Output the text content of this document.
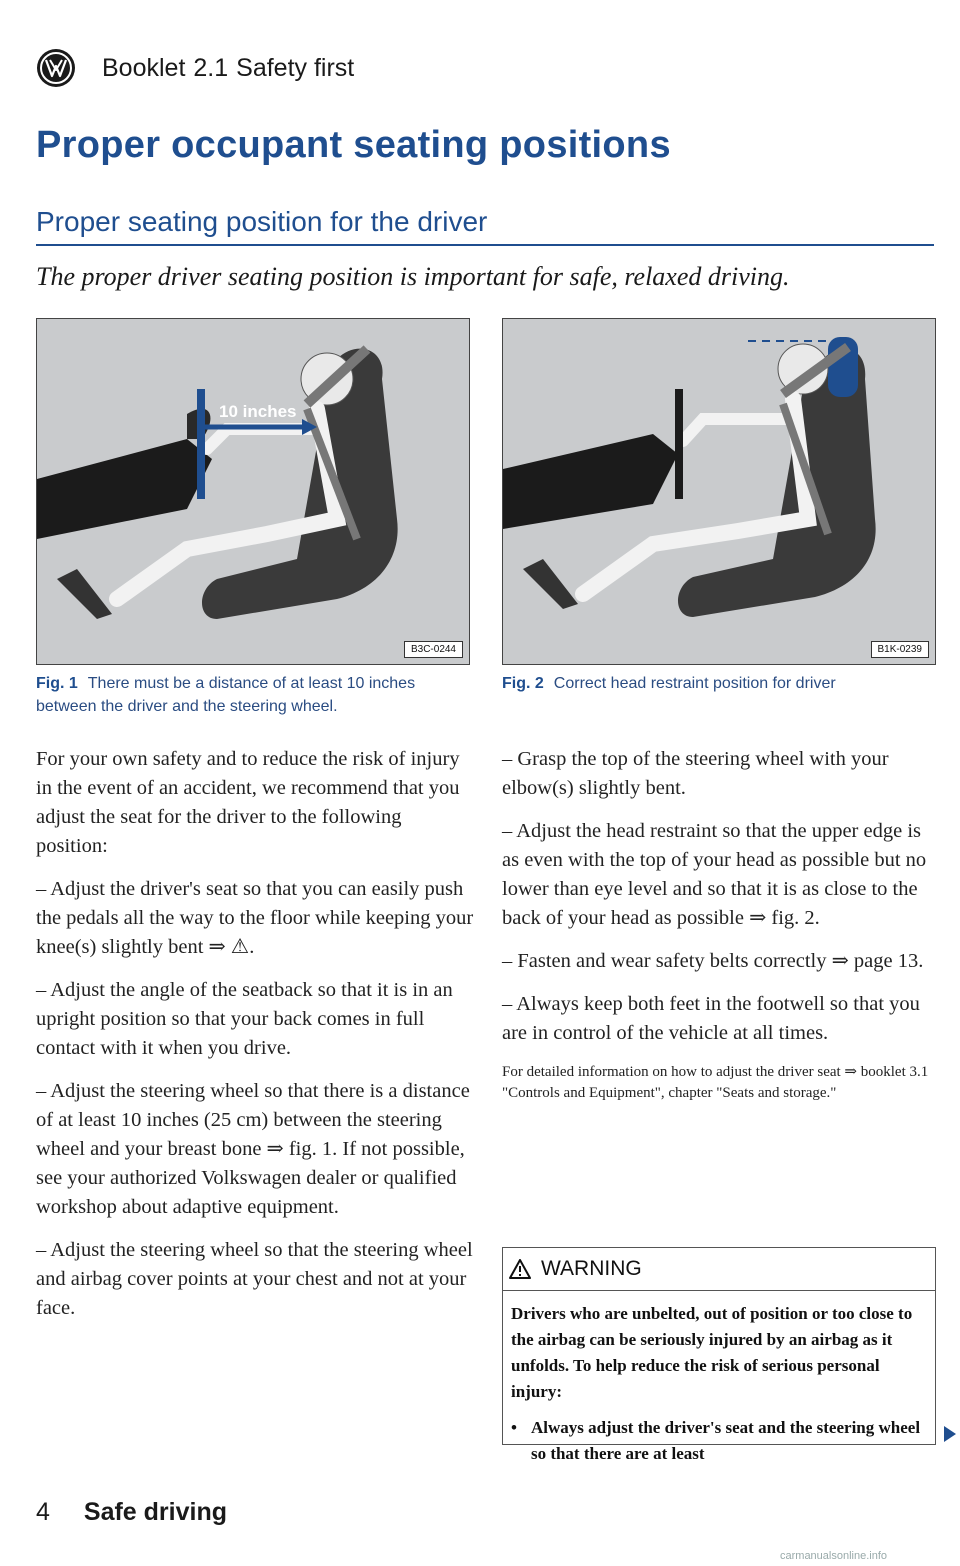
Booklet 2.1 Safety first
Proper occupant seating positions
Proper seating position for the driver
The proper driver seating position is important for safe, relaxed driving.
10 inches
B3C-0244	B1K-0239
Fig. 1 There must be a distance of at least 10 inches between the driver and the steering wheel.
Fig. 2 Correct head restraint position for driver

For your own safety and to reduce the risk of injury in the event of an accident, we recommend that you adjust the seat for the driver to the following position:

– Adjust the driver's seat so that you can easily push the pedals all the way to the floor while keeping your knee(s) slightly bent ⇒ ⚠.

– Adjust the angle of the seatback so that it is in an upright position so that your back comes in full contact with it when you drive.

– Adjust the steering wheel so that there is a distance of at least 10 inches (25 cm) between the steering wheel and your breast bone ⇒ fig. 1. If not possible, see your authorized Volkswagen dealer or qualified workshop about adaptive equipment.

– Adjust the steering wheel so that the steering wheel and airbag cover points at your chest and not at your face.

– Grasp the top of the steering wheel with your elbow(s) slightly bent.

– Adjust the head restraint so that the upper edge is as even with the top of your head as possible but no lower than eye level and so that it is as close to the back of your head as possible ⇒ fig. 2.

– Fasten and wear safety belts correctly ⇒ page 13.

– Always keep both feet in the footwell so that you are in control of the vehicle at all times.

For detailed information on how to adjust the driver seat ⇒ booklet 3.1 "Controls and Equipment", chapter "Seats and storage."

WARNING

Drivers who are unbelted, out of position or too close to the airbag can be seriously injured by an airbag as it unfolds. To help reduce the risk of serious personal injury:

• Always adjust the driver's seat and the steering wheel so that there are at least
4 Safe driving
carmanualsonline.info
